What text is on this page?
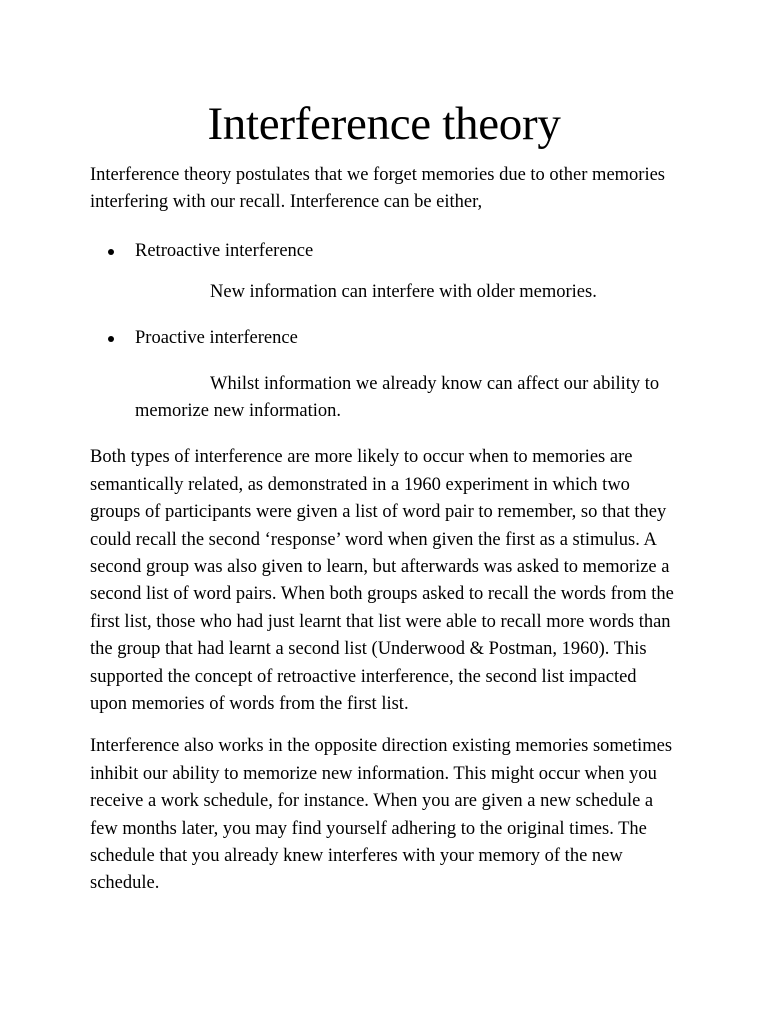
Interference theory

Interference theory postulates that we forget memories due to other memories interfering with our recall. Interference can be either,

Retroactive interference

New information can interfere with older memories.

Proactive interference

Whilst information we already know can affect our ability to memorize new information.

Both types of interference are more likely to occur when to memories are semantically related, as demonstrated in a 1960 experiment in which two groups of participants were given a list of word pair to remember, so that they could recall the second ‘response’ word when given the first as a stimulus. A second group was also given to learn, but afterwards was asked to memorize a second list of word pairs. When both groups asked to recall the words from the first list, those who had just learnt that list were able to recall more words than the group that had learnt a second list (Underwood & Postman, 1960). This supported the concept of retroactive interference, the second list impacted upon memories of words from the first list.

Interference also works in the opposite direction existing memories sometimes inhibit our ability to memorize new information. This might occur when you receive a work schedule, for instance. When you are given a new schedule a few months later, you may find yourself adhering to the original times. The schedule that you already knew interferes with your memory of the new schedule.
